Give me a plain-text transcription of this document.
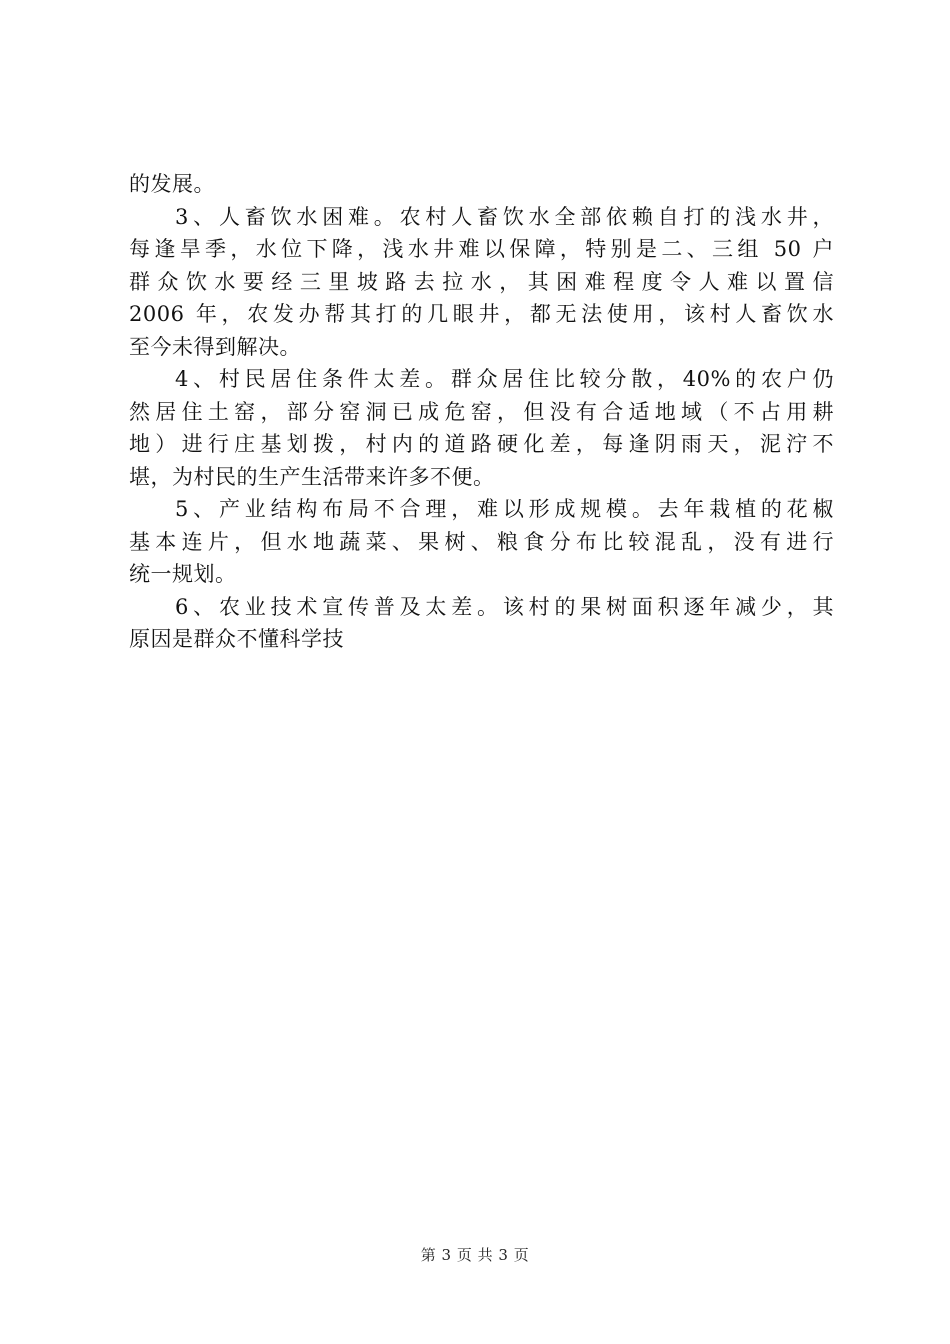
的发展。
3、人畜饮水困难。农村人畜饮水全部依赖自打的浅水井，
每逢旱季，水位下降，浅水井难以保障，特别是二、三组 50 户
群众饮水要经三里坡路去拉水，其困难程度令人难以置信
2006 年，农发办帮其打的几眼井，都无法使用，该村人畜饮水
至今未得到解决。
4、村民居住条件太差。群众居住比较分散，40%的农户仍
然居住土窑，部分窑洞已成危窑，但没有合适地域（不占用耕
地）进行庄基划拨，村内的道路硬化差，每逢阴雨天，泥泞不
堪，为村民的生产生活带来许多不便。
5、产业结构布局不合理，难以形成规模。去年栽植的花椒
基本连片，但水地蔬菜、果树、粮食分布比较混乱，没有进行
统一规划。
6、农业技术宣传普及太差。该村的果树面积逐年减少，其
原因是群众不懂科学技
第 3 页 共 3 页
